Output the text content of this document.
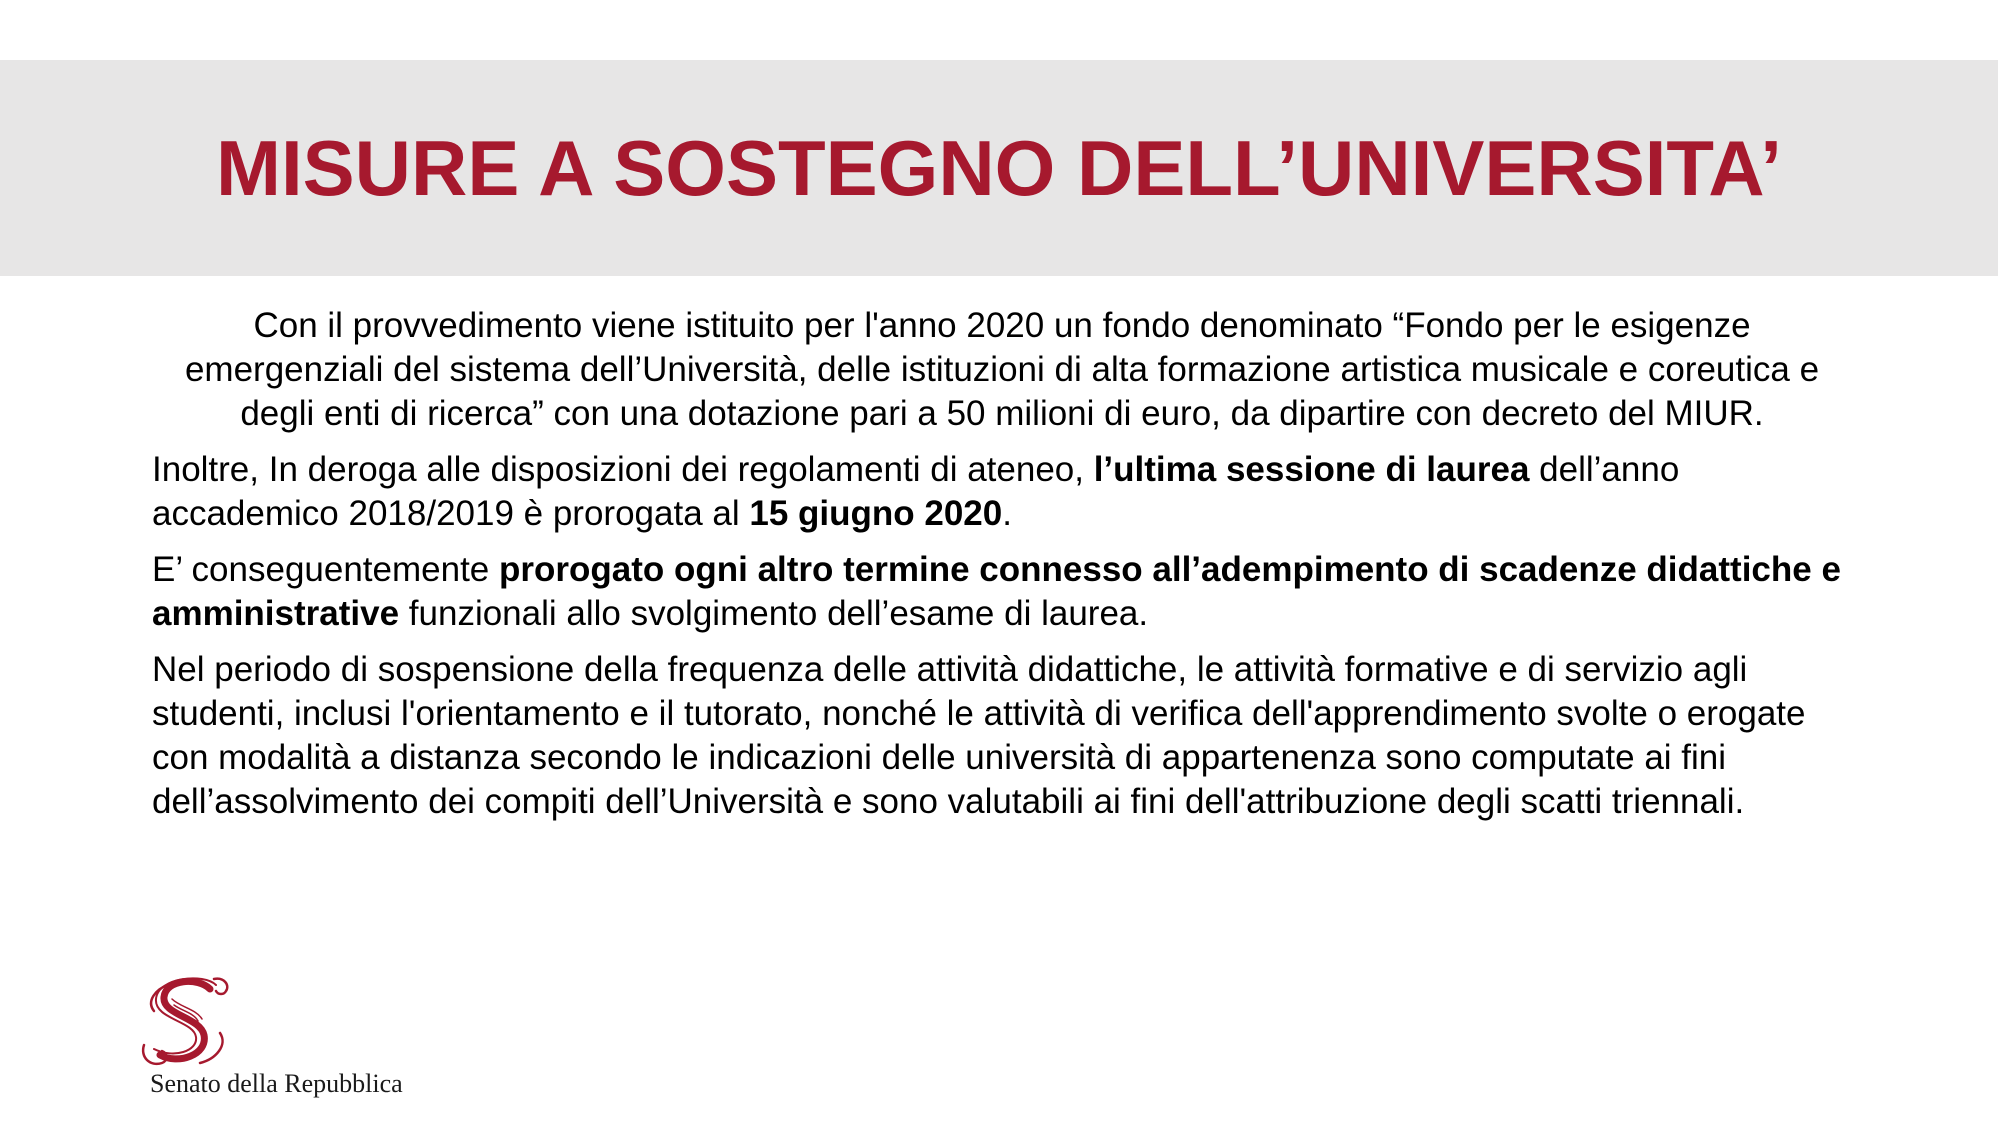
MISURE A SOSTEGNO DELL’UNIVERSITA’

Con il provvedimento viene istituito per l'anno 2020 un fondo denominato “Fondo per le esigenze emergenziali del sistema dell’Università, delle istituzioni di alta formazione artistica musicale e coreutica e degli enti di ricerca” con una dotazione pari a 50 milioni di euro, da dipartire con decreto del MIUR.

Inoltre, In deroga alle disposizioni dei regolamenti di ateneo, l’ultima sessione di laurea dell’anno accademico 2018/2019 è prorogata al 15 giugno 2020.

E’ conseguentemente prorogato ogni altro termine connesso all’adempimento di scadenze didattiche e amministrative funzionali allo svolgimento dell’esame di laurea.

Nel periodo di sospensione della frequenza delle attività didattiche, le attività formative e di servizio agli studenti, inclusi l'orientamento e il tutorato, nonché le attività di verifica dell'apprendimento svolte o erogate con modalità a distanza secondo le indicazioni delle università di appartenenza sono computate ai fini dell’assolvimento dei compiti dell’Università e sono valutabili ai fini dell'attribuzione degli scatti triennali.

Senato della Repubblica
